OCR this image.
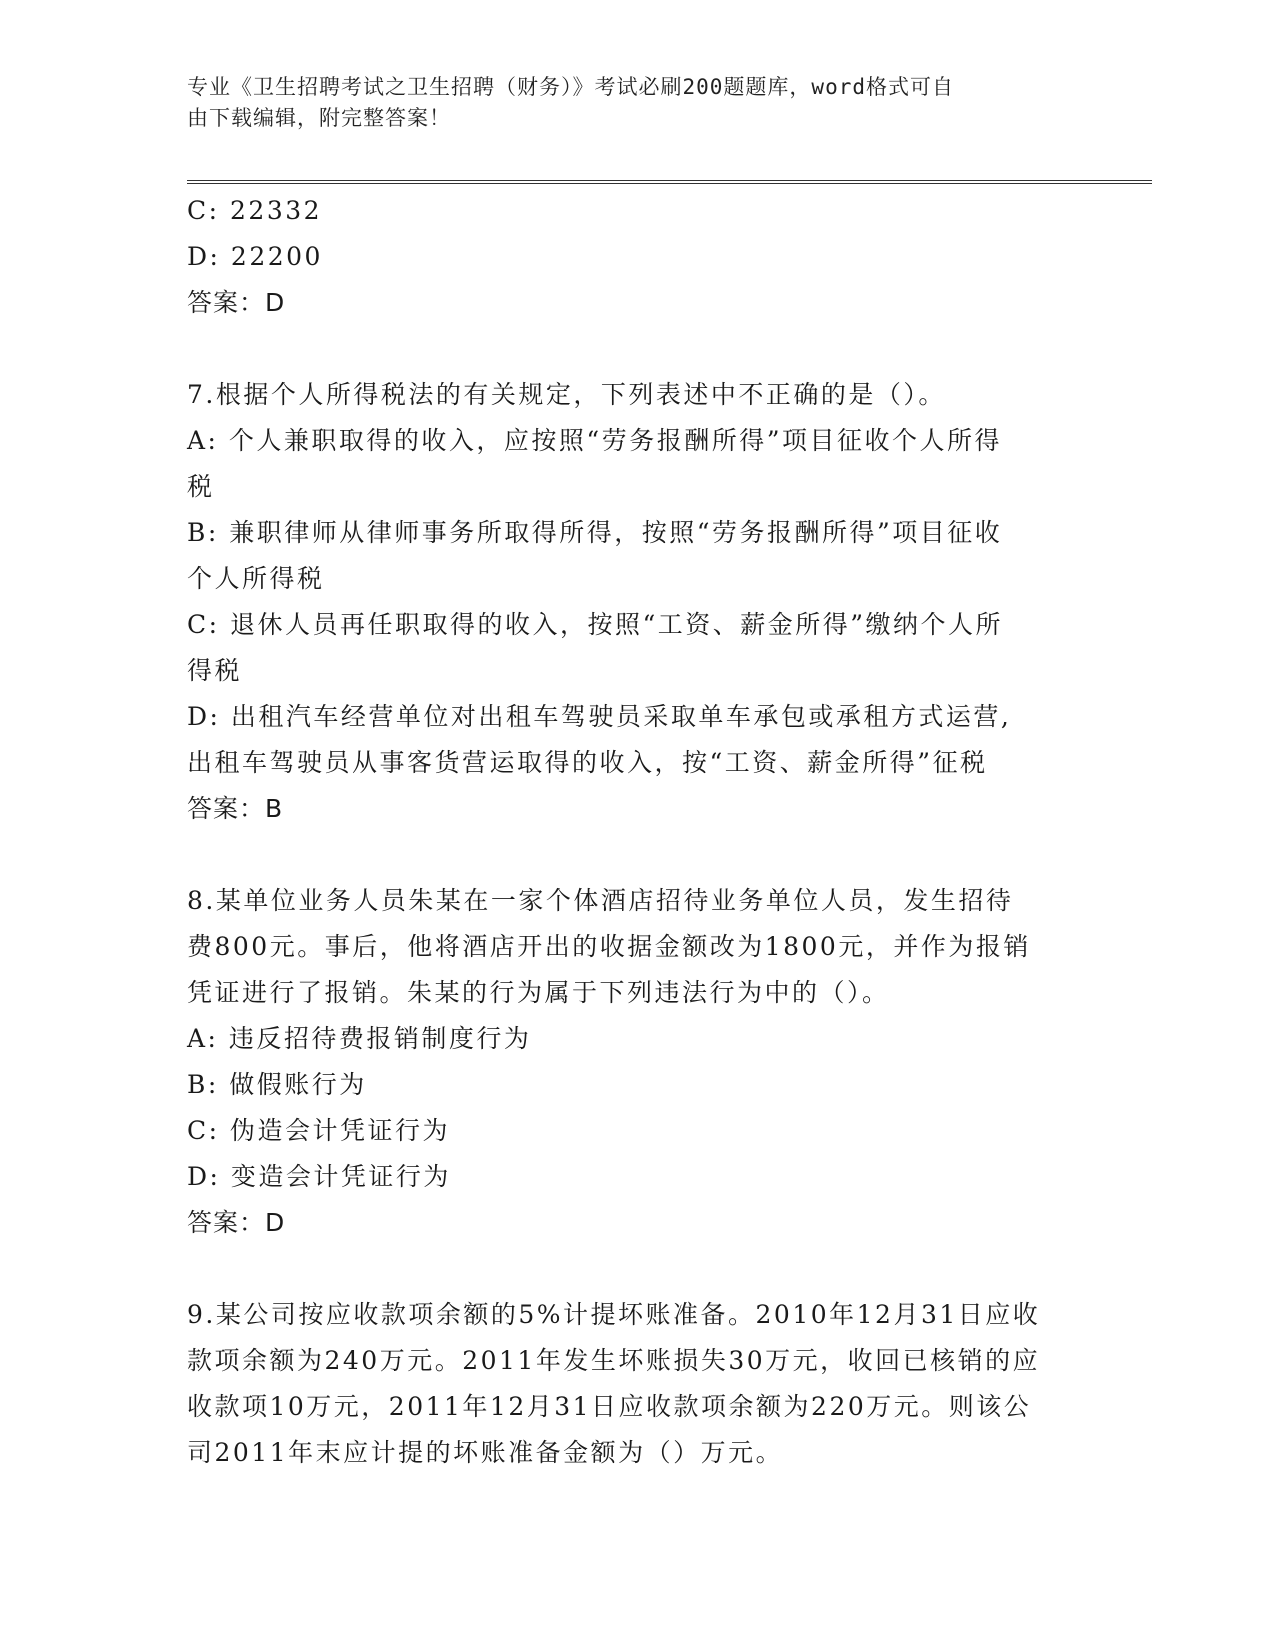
专业《卫生招聘考试之卫生招聘（财务）》考试必刷200题题库，word格式可自
由下载编辑，附完整答案！
C: 22332
D: 22200
答案：D
7.根据个人所得税法的有关规定，下列表述中不正确的是（）。
A: 个人兼职取得的收入，应按照“劳务报酬所得”项目征收个人所得
税
B: 兼职律师从律师事务所取得所得，按照“劳务报酬所得”项目征收
个人所得税
C: 退休人员再任职取得的收入，按照“工资、薪金所得”缴纳个人所
得税
D: 出租汽车经营单位对出租车驾驶员采取单车承包或承租方式运营,
出租车驾驶员从事客货营运取得的收入，按“工资、薪金所得”征税
答案：B
8.某单位业务人员朱某在一家个体酒店招待业务单位人员，发生招待
费800元。事后，他将酒店开出的收据金额改为1800元，并作为报销
凭证进行了报销。朱某的行为属于下列违法行为中的（）。
A: 违反招待费报销制度行为
B: 做假账行为
C: 伪造会计凭证行为
D: 变造会计凭证行为
答案：D
9.某公司按应收款项余额的5%计提坏账准备。2010年12月31日应收
款项余额为240万元。2011年发生坏账损失30万元，收回已核销的应
收款项10万元，2011年12月31日应收款项余额为220万元。则该公
司2011年末应计提的坏账准备金额为（）万元。
